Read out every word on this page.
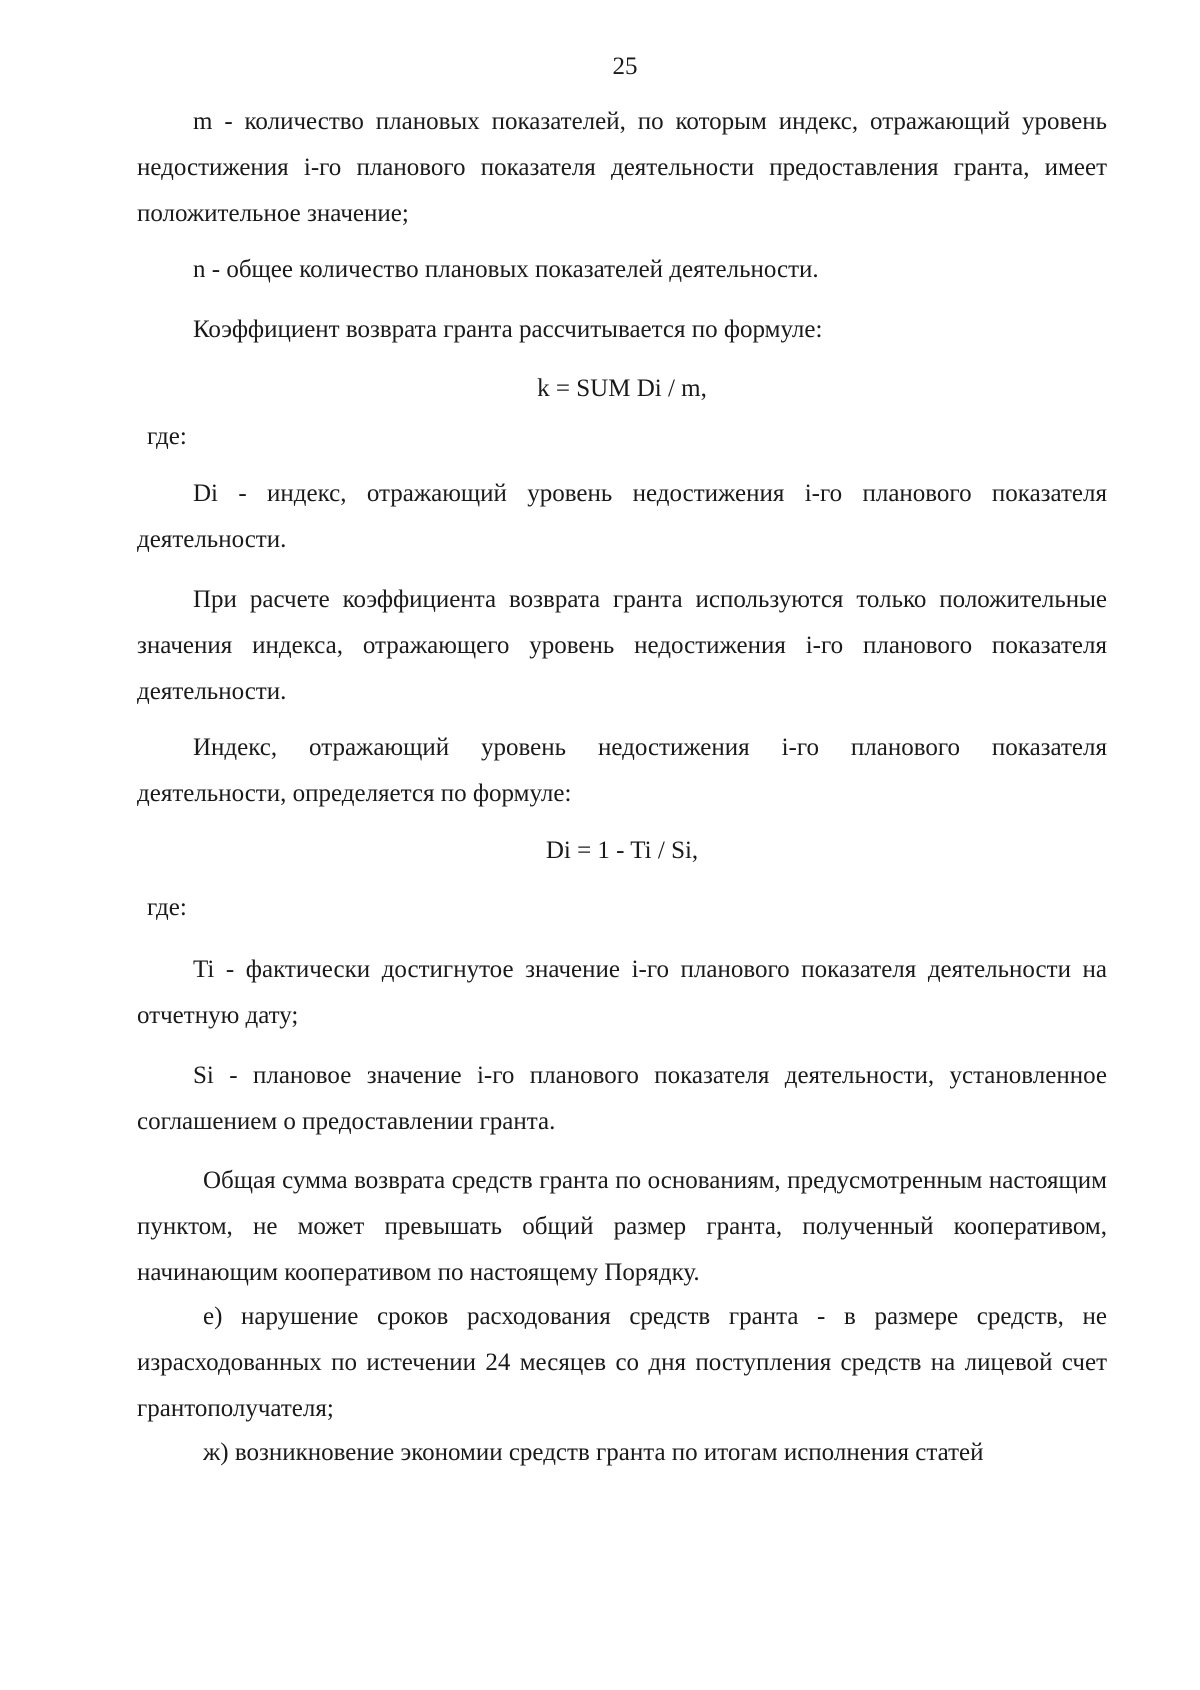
25

m - количество плановых показателей, по которым индекс, отражающий уровень недостижения i-го планового показателя деятельности предоставления гранта, имеет положительное значение;

n - общее количество плановых показателей деятельности.

Коэффициент возврата гранта рассчитывается по формуле:

k = SUM Di / m,

где:

Di - индекс, отражающий уровень недостижения i-го планового показателя деятельности.

При расчете коэффициента возврата гранта используются только положительные значения индекса, отражающего уровень недостижения i-го планового показателя деятельности.

Индекс, отражающий уровень недостижения i-го планового показателя деятельности, определяется по формуле:

Di = 1 - Ti / Si,

где:

Ti - фактически достигнутое значение i-го планового показателя деятельности на отчетную дату;

Si - плановое значение i-го планового показателя деятельности, установленное соглашением о предоставлении гранта.

Общая сумма возврата средств гранта по основаниям, предусмотренным настоящим пунктом, не может превышать общий размер гранта, полученный кооперативом, начинающим кооперативом по настоящему Порядку.

е) нарушение сроков расходования средств гранта - в размере средств, не израсходованных по истечении 24 месяцев со дня поступления средств на лицевой счет грантополучателя;

ж) возникновение экономии средств гранта по итогам исполнения статей
